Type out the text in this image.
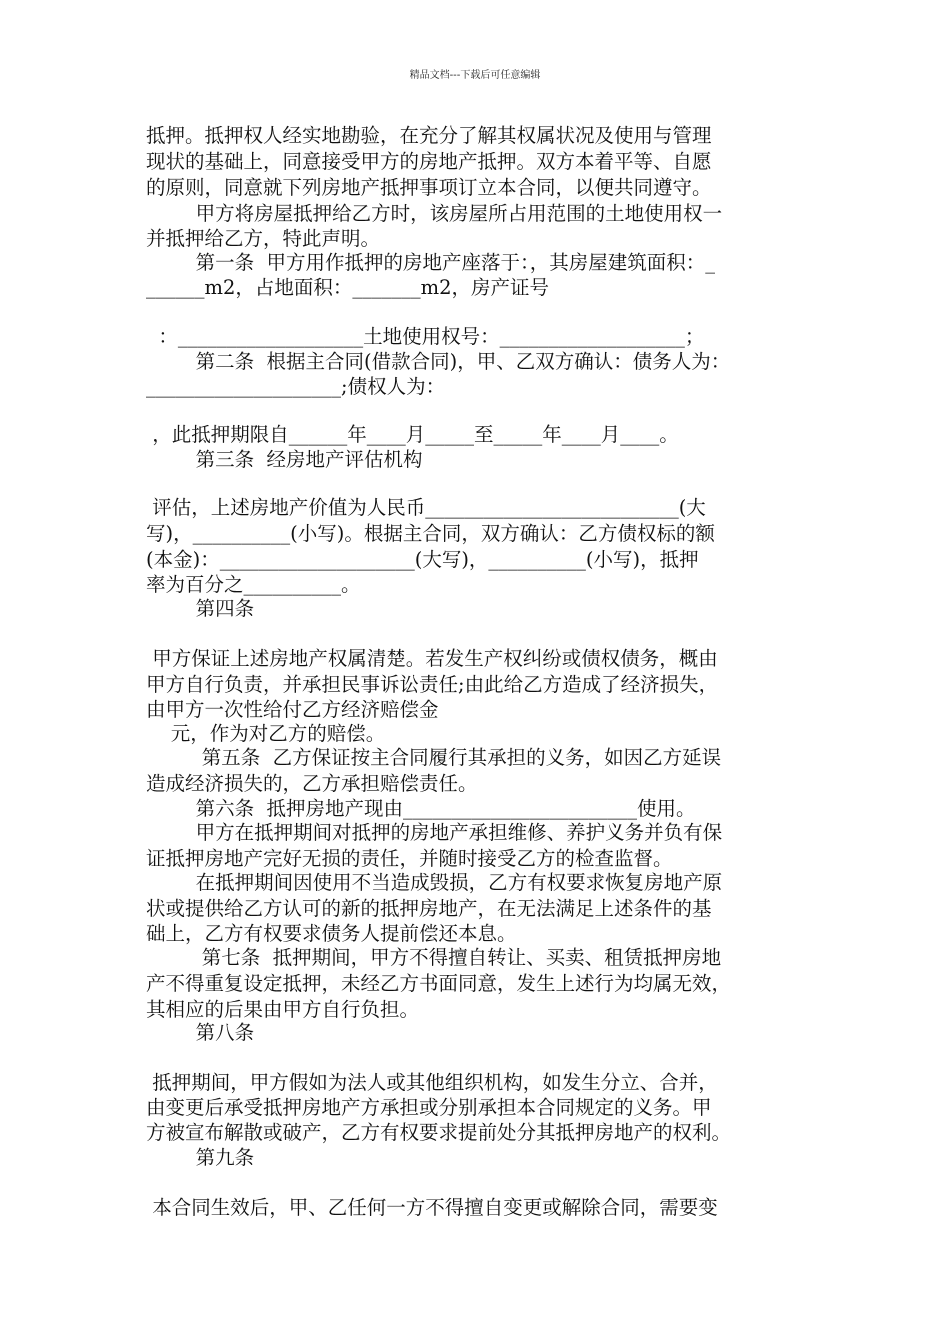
精品文档---下载后可任意编辑
抵押。抵押权人经实地勘验，在充分了解其权属状况及使用与管理
现状的基础上，同意接受甲方的房地产抵押。双方本着平等、自愿
的原则，同意就下列房地产抵押事项订立本合同，以便共同遵守。
甲方将房屋抵押给乙方时，该房屋所占用范围的土地使用权一
并抵押给乙方，特此声明。
第一条  甲方用作抵押的房地产座落于：，其房屋建筑面积：_
______m2，占地面积：_______m2，房产证号
：___________________土地使用权号：___________________；
第二条  根据主合同(借款合同)，甲、乙双方确认：债务人为：
____________________;债权人为：
，此抵押期限自______年____月_____至_____年____月____。
第三条  经房地产评估机构
评估，上述房地产价值为人民币__________________________(大
写)，__________(小写)。根据主合同，双方确认：乙方债权标的额
(本金)：____________________(大写)，__________(小写)，抵押
率为百分之__________。
第四条
甲方保证上述房地产权属清楚。若发生产权纠纷或债权债务，概由
甲方自行负责，并承担民事诉讼责任;由此给乙方造成了经济损失，
由甲方一次性给付乙方经济赔偿金
元，作为对乙方的赔偿。
第五条  乙方保证按主合同履行其承担的义务，如因乙方延误
造成经济损失的，乙方承担赔偿责任。
第六条  抵押房地产现由________________________使用。
甲方在抵押期间对抵押的房地产承担维修、养护义务并负有保
证抵押房地产完好无损的责任，并随时接受乙方的检查监督。
在抵押期间因使用不当造成毁损，乙方有权要求恢复房地产原
状或提供给乙方认可的新的抵押房地产，在无法满足上述条件的基
础上，乙方有权要求债务人提前偿还本息。
第七条  抵押期间，甲方不得擅自转让、买卖、租赁抵押房地
产不得重复设定抵押，未经乙方书面同意，发生上述行为均属无效，
其相应的后果由甲方自行负担。
第八条
抵押期间，甲方假如为法人或其他组织机构，如发生分立、合并，
由变更后承受抵押房地产方承担或分别承担本合同规定的义务。甲
方被宣布解散或破产，乙方有权要求提前处分其抵押房地产的权利。
第九条
本合同生效后，甲、乙任何一方不得擅自变更或解除合同，需要变
